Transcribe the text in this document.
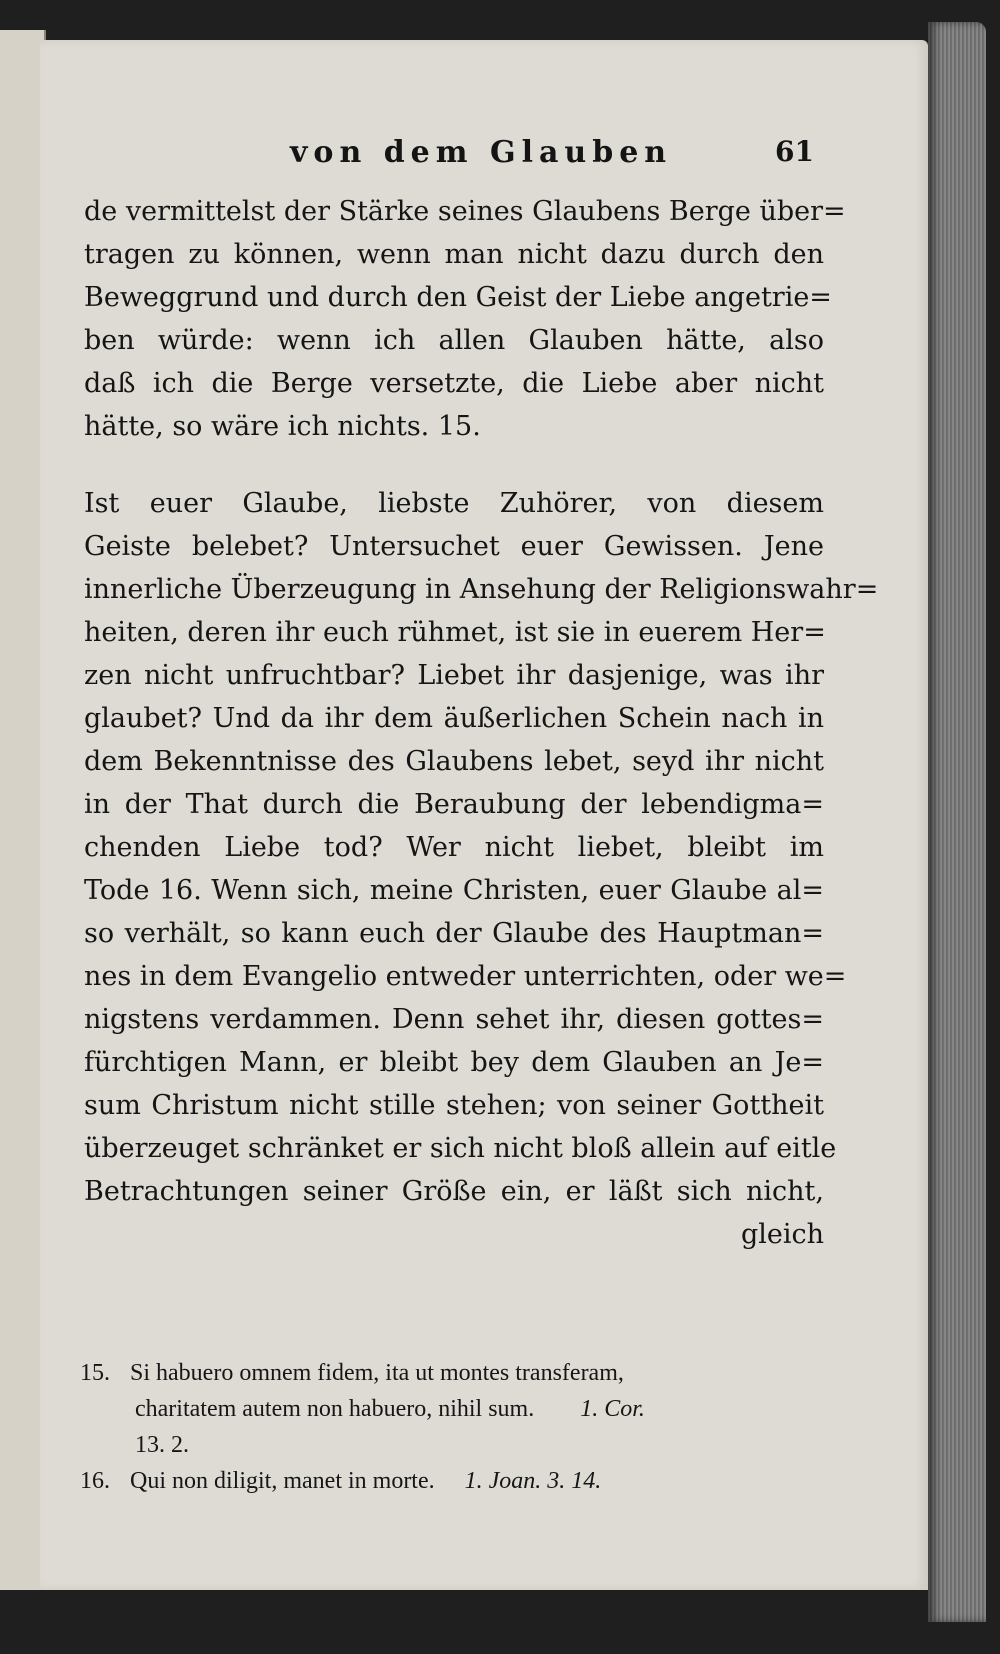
von dem Glauben	61
de vermittelst der Stärke seines Glaubens Berge über=
tragen zu können, wenn man nicht dazu durch den
Beweggrund und durch den Geist der Liebe angetrie=
ben würde: wenn ich allen Glauben hätte, also
daß ich die Berge versetzte, die Liebe aber nicht
hätte, so wäre ich nichts. 15.
Ist euer Glaube, liebste Zuhörer, von diesem
Geiste belebet? Untersuchet euer Gewissen. Jene
innerliche Überzeugung in Ansehung der Religionswahr=
heiten, deren ihr euch rühmet, ist sie in euerem Her=
zen nicht unfruchtbar? Liebet ihr dasjenige, was ihr
glaubet? Und da ihr dem äußerlichen Schein nach in
dem Bekenntnisse des Glaubens lebet, seyd ihr nicht
in der That durch die Beraubung der lebendigma=
chenden Liebe tod? Wer nicht liebet, bleibt im
Tode 16. Wenn sich, meine Christen, euer Glaube al=
so verhält, so kann euch der Glaube des Hauptman=
nes in dem Evangelio entweder unterrichten, oder we=
nigstens verdammen. Denn sehet ihr, diesen gottes=
fürchtigen Mann, er bleibt bey dem Glauben an Je=
sum Christum nicht stille stehen; von seiner Gottheit
überzeuget schränket er sich nicht bloß allein auf eitle
Betrachtungen seiner Größe ein, er läßt sich nicht,
gleich
15. Si habuero omnem fidem, ita ut montes transferam,
charitatem autem non habuero, nihil sum. 1. Cor.
13. 2.
16. Qui non diligit, manet in morte. 1. Joan. 3. 14.
